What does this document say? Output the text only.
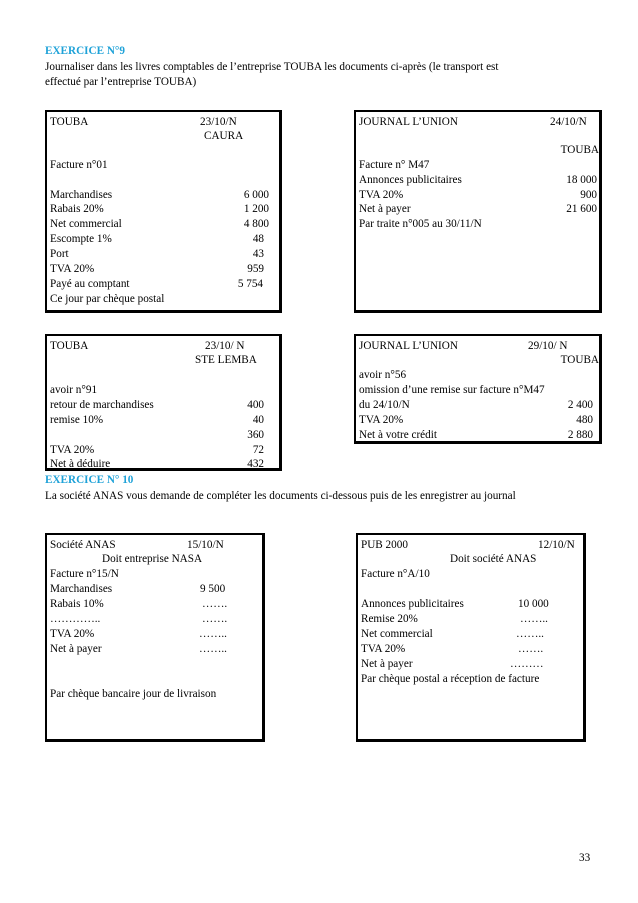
EXERCICE N°9
Journaliser dans les livres comptables de l’entreprise TOUBA les documents ci-après (le transport est
effectué par l’entreprise TOUBA)
TOUBA	23/10/N
CAURA
Facture n°01
Marchandises	6 000
Rabais 20%	1 200
Net commercial	4 800
Escompte 1%	48
Port	43
TVA 20%	959
Payé au comptant	5 754
Ce jour par chèque postal
JOURNAL L’UNION	24/10/N
TOUBA
Facture n° M47
Annonces publicitaires	18 000
TVA 20%	900
Net à payer	21 600
Par traite n°005 au 30/11/N
TOUBA	23/10/ N
STE LEMBA
avoir n°91
retour de marchandises	400
remise 10%	40
360
TVA 20%	72
Net à déduire	432
JOURNAL L’UNION	29/10/ N
TOUBA
avoir n°56
omission d’une remise sur facture n°M47
du 24/10/N	2 400
TVA 20%	480
Net à votre crédit	2 880
EXERCICE N° 10
La société ANAS vous demande de compléter les documents ci-dessous puis de les enregistrer au journal
Société ANAS	15/10/N
Doit entreprise NASA
Facture n°15/N
Marchandises	9 500
Rabais 10%	…….
…………..	…….
TVA 20%	……..
Net à payer	……..
Par chèque bancaire jour de livraison
PUB 2000	12/10/N
Doit société ANAS
Facture n°A/10
Annonces publicitaires	10 000
Remise 20%	……..
Net commercial	……..
TVA 20%	…….
Net à payer	………
Par chèque postal a réception de facture
33
